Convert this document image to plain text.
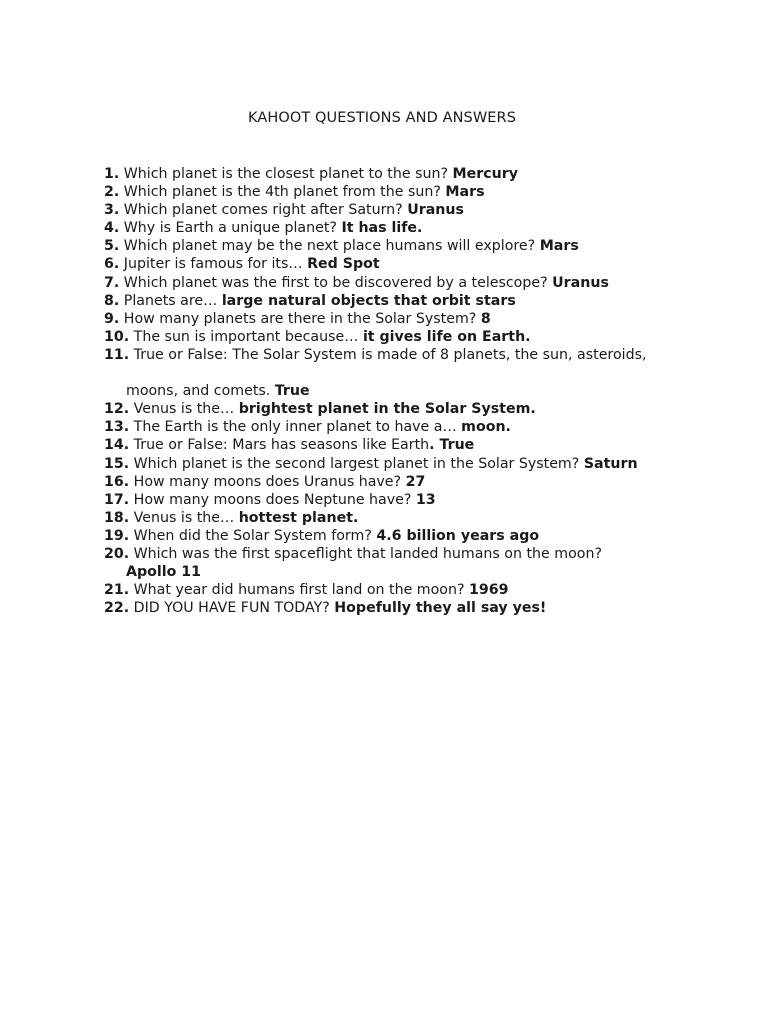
KAHOOT QUESTIONS AND ANSWERS
1. Which planet is the closest planet to the sun? Mercury
2. Which planet is the 4th planet from the sun? Mars
3. Which planet comes right after Saturn? Uranus
4. Why is Earth a unique planet? It has life.
5. Which planet may be the next place humans will explore? Mars
6. Jupiter is famous for its… Red Spot
7. Which planet was the first to be discovered by a telescope? Uranus
8. Planets are… large natural objects that orbit stars
9. How many planets are there in the Solar System? 8
10. The sun is important because… it gives life on Earth.
11. True or False: The Solar System is made of 8 planets, the sun, asteroids,
moons, and comets. True
12. Venus is the… brightest planet in the Solar System.
13. The Earth is the only inner planet to have a… moon.
14. True or False: Mars has seasons like Earth. True
15. Which planet is the second largest planet in the Solar System? Saturn
16. How many moons does Uranus have? 27
17. How many moons does Neptune have? 13
18. Venus is the… hottest planet.
19. When did the Solar System form? 4.6 billion years ago
20. Which was the first spaceflight that landed humans on the moon?
Apollo 11
21. What year did humans first land on the moon? 1969
22. DID YOU HAVE FUN TODAY? Hopefully they all say yes!
